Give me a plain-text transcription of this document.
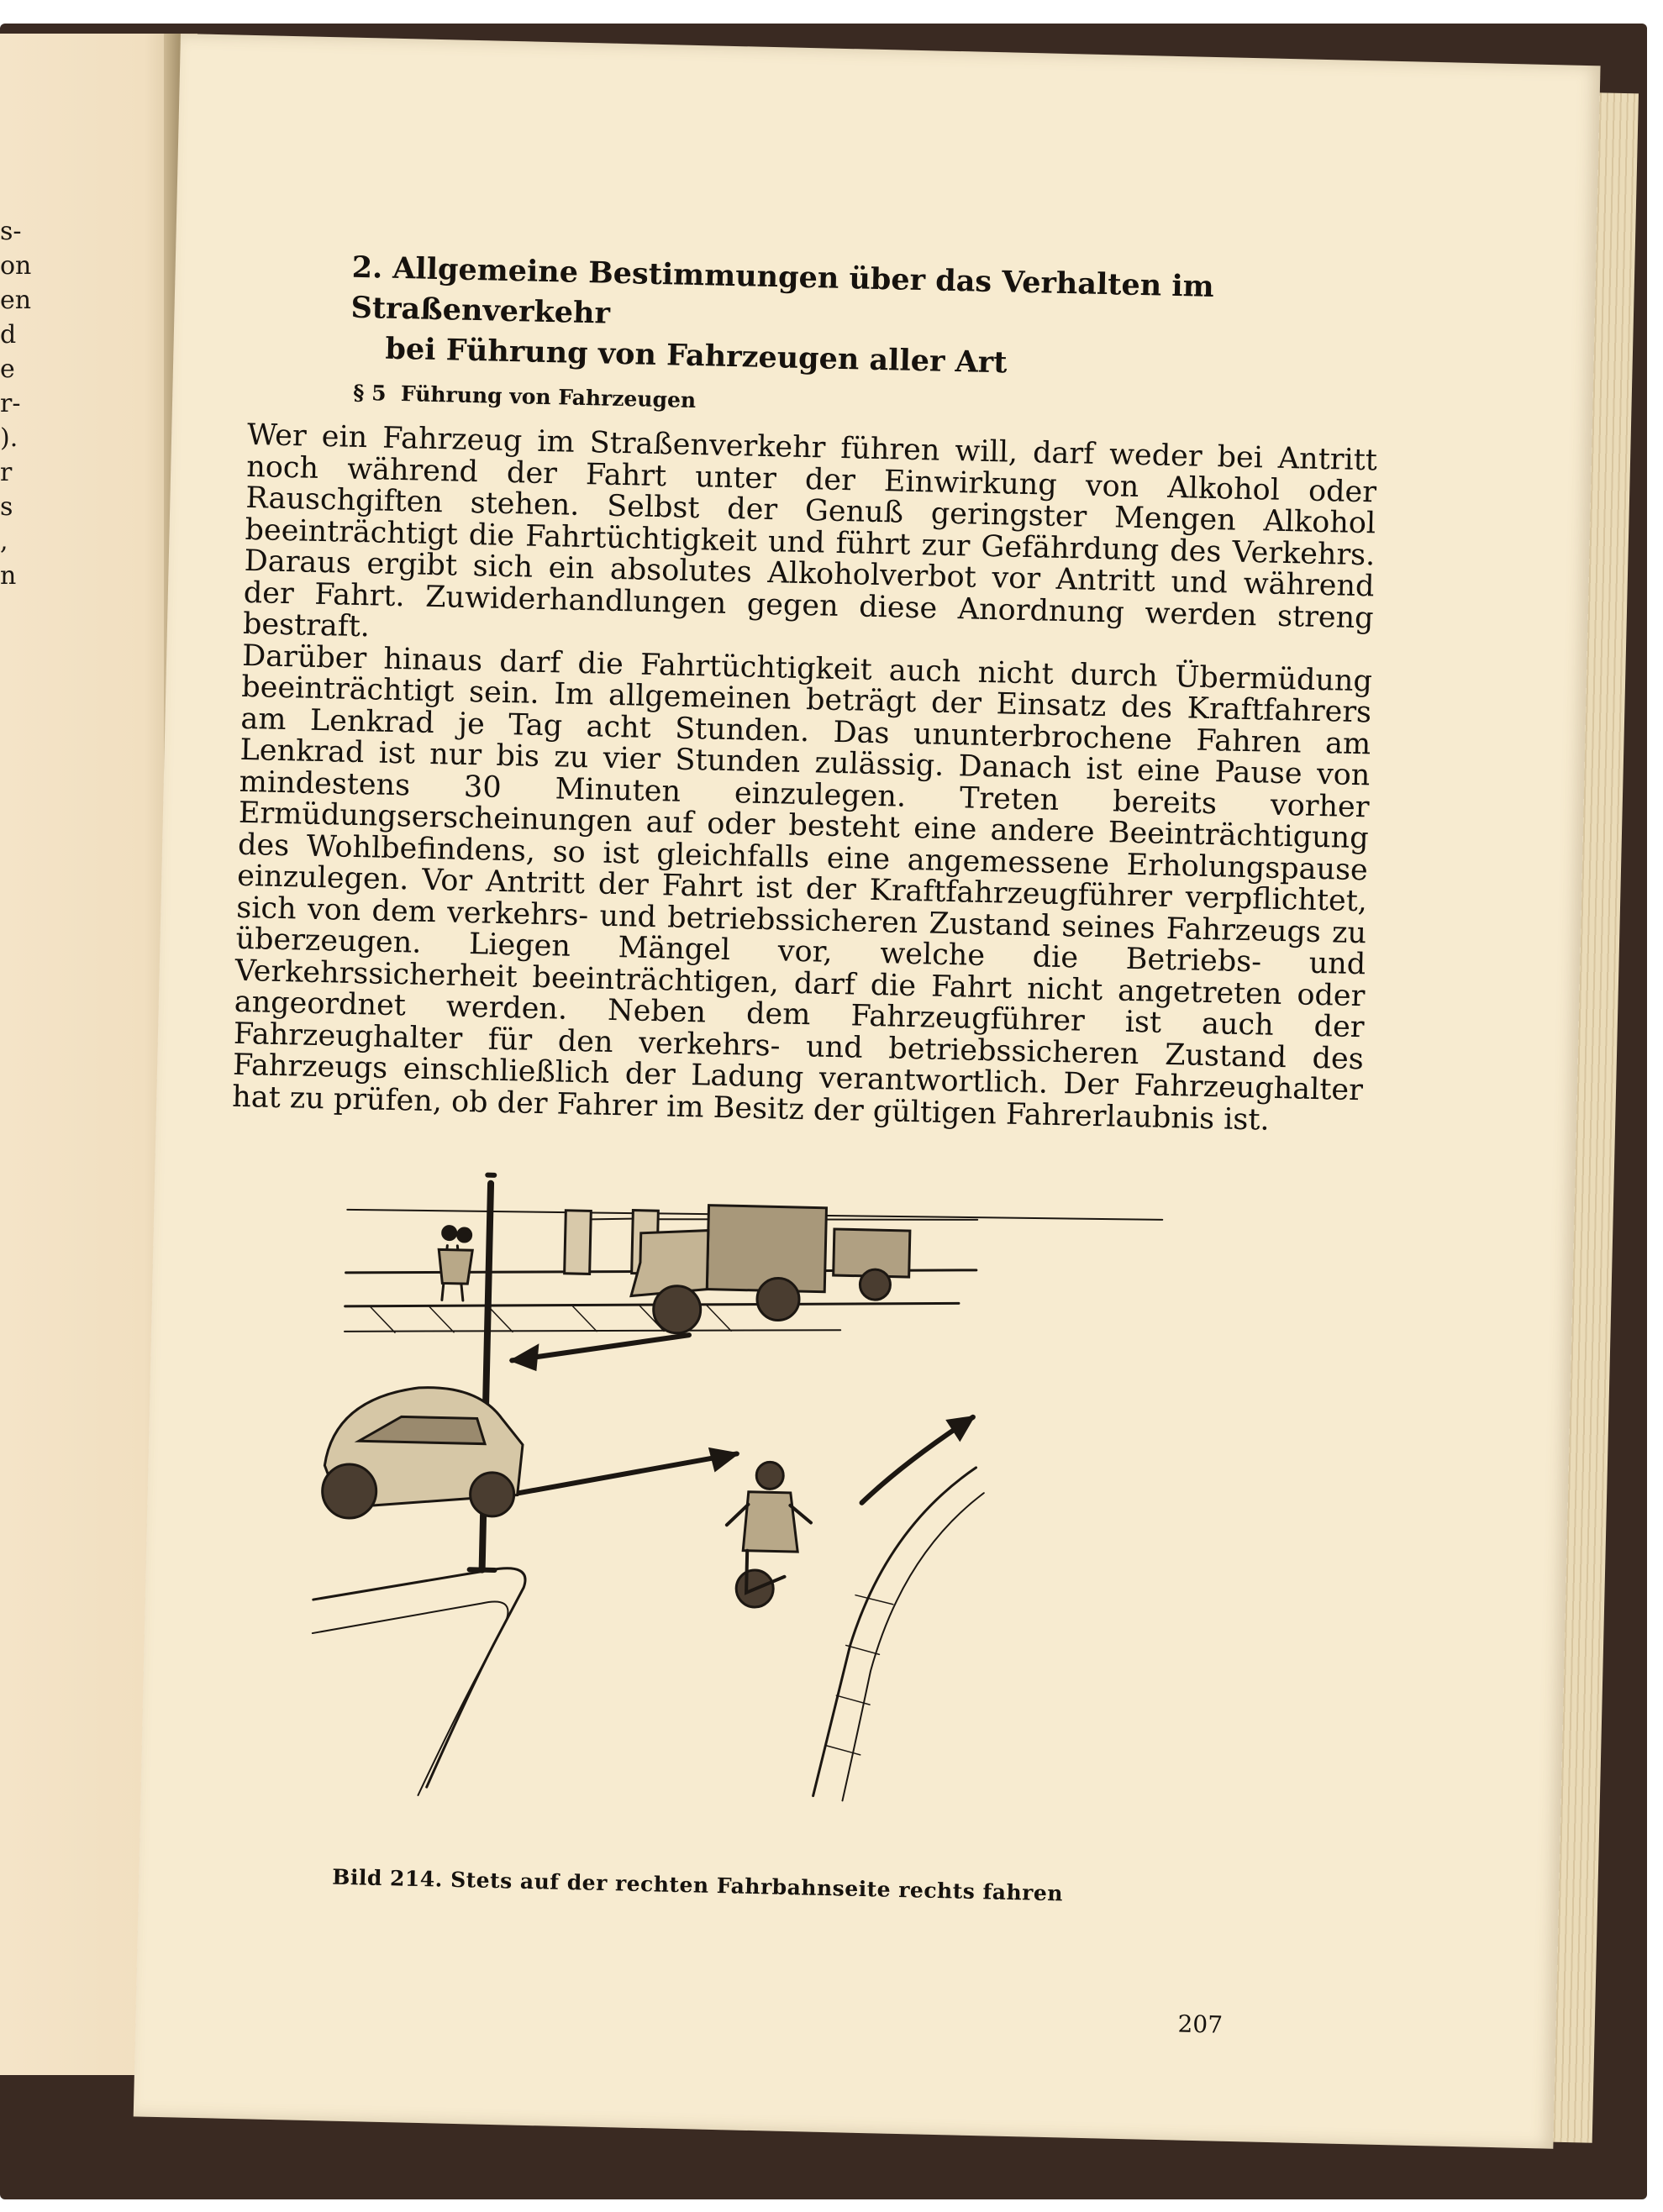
s-
on
en
d
e
r-
).
r
s
,
n
2. Allgemeine Bestimmungen über das Verhalten im Straßenverkehr
bei Führung von Fahrzeugen aller Art
§ 5 Führung von Fahrzeugen

Wer ein Fahrzeug im Straßenverkehr führen will, darf weder bei Antritt noch während der Fahrt unter der Einwirkung von Alkohol oder Rauschgiften stehen. Selbst der Genuß geringster Mengen Alkohol beeinträchtigt die Fahrtüchtigkeit und führt zur Gefährdung des Verkehrs. Daraus ergibt sich ein absolutes Alkoholverbot vor Antritt und während der Fahrt. Zuwiderhandlungen gegen diese Anordnung werden streng bestraft.

Darüber hinaus darf die Fahrtüchtigkeit auch nicht durch Übermüdung beeinträchtigt sein. Im allgemeinen beträgt der Einsatz des Kraftfahrers am Lenkrad je Tag acht Stunden. Das ununterbrochene Fahren am Lenkrad ist nur bis zu vier Stunden zulässig. Danach ist eine Pause von mindestens 30 Minuten einzulegen. Treten bereits vorher Ermüdungserscheinungen auf oder besteht eine andere Beeinträchtigung des Wohlbefindens, so ist gleichfalls eine angemessene Erholungspause einzulegen. Vor Antritt der Fahrt ist der Kraftfahrzeugführer verpflichtet, sich von dem verkehrs- und betriebssicheren Zustand seines Fahrzeugs zu überzeugen. Liegen Mängel vor, welche die Betriebs- und Verkehrssicherheit beeinträchtigen, darf die Fahrt nicht angetreten oder angeordnet werden. Neben dem Fahrzeugführer ist auch der Fahrzeughalter für den verkehrs- und betriebssicheren Zustand des Fahrzeugs einschließlich der Ladung verantwortlich. Der Fahrzeughalter hat zu prüfen, ob der Fahrer im Besitz der gültigen Fahrerlaubnis ist.

Bild 214. Stets auf der rechten Fahrbahnseite rechts fahren
207
